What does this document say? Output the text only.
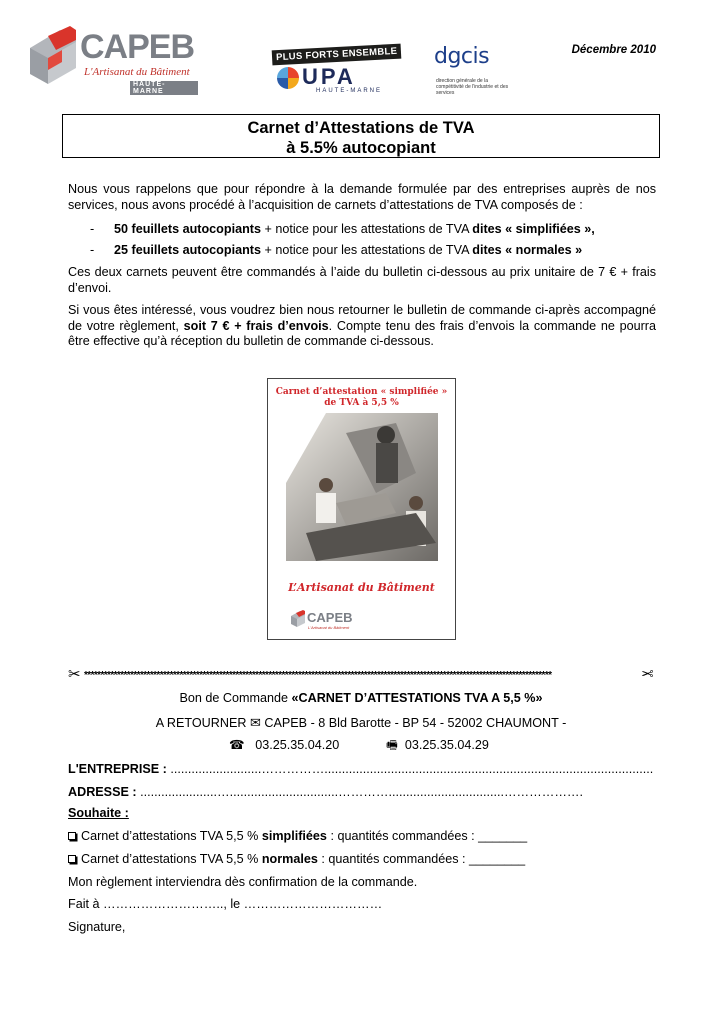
CAPEB
L'Artisanat du Bâtiment
HAUTE-MARNE
PLUS FORTS ENSEMBLE
UPA
HAUTE-MARNE
dgcis
direction générale de la compétitivité de l'industrie et des services
Décembre 2010
Carnet d’Attestations de TVA
à 5.5% autocopiant
Nous vous rappelons que pour répondre à la demande formulée par des entreprises auprès de nos services, nous avons procédé à l’acquisition de carnets d’attestations de TVA composés de :
- 50 feuillets autocopiants + notice pour les attestations de TVA dites « simplifiées »,
- 25 feuillets autocopiants + notice pour les attestations de TVA dites « normales »
Ces deux carnets peuvent être commandés à l’aide du bulletin ci-dessous au prix unitaire de 7 € + frais d’envoi.
Si vous êtes intéressé, vous voudrez bien nous retourner le bulletin de commande ci-après accompagné de votre règlement, soit 7 € + frais d’envois. Compte tenu des frais d’envois la commande ne pourra être effective qu’à réception du bulletin de commande ci-dessous.
Carnet d’attestation « simplifiée »
de TVA à 5,5 %
L’Artisanat du Bâtiment
CAPEB
L'Artisanat du Bâtiment
✂ **********************************************************************************************************************************************	✂
Bon de Commande «CARNET D’ATTESTATIONS TVA A 5,5 %»
A RETOURNER ✉ CAPEB - 8 Bld Barotte - BP 54 - 52002 CHAUMONT -
☎ 03.25.35.04.20	🖷 03.25.35.04.29
L'ENTREPRISE : ..........................……………..............................................................................................
ADRESSE : ......................…...............................………….................................……………….
Souhaite :
Carnet d’attestations TVA 5,5 % simplifiées : quantités commandées : _______
Carnet d’attestations TVA 5,5 % normales : quantités commandées : ________
Mon règlement interviendra dès confirmation de la commande.
Fait à ……………………….., le ……………………………
Signature,
